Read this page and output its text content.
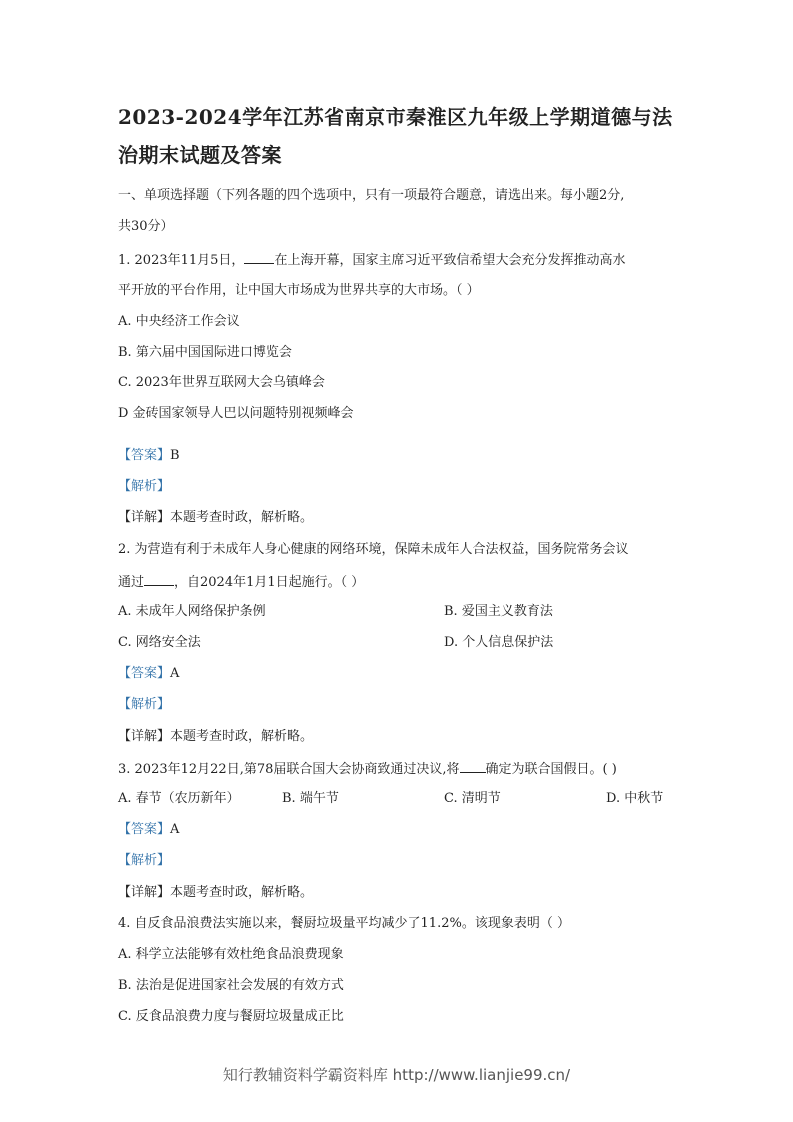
2023-2024学年江苏省南京市秦淮区九年级上学期道德与法治期末试题及答案
一、单项选择题（下列各题的四个选项中，只有一项最符合题意，请选出来。每小题2分,
共30分）
1. 2023年11月5日， 在上海开幕，国家主席习近平致信希望大会充分发挥推动高水
平开放的平台作用，让中国大市场成为世界共享的大市场。（ ）
A. 中央经济工作会议
B. 第六届中国国际进口博览会
C. 2023年世界互联网大会乌镇峰会
D 金砖国家领导人巴以问题特别视频峰会
【答案】B
【解析】
【详解】本题考查时政，解析略。
2. 为营造有利于未成年人身心健康的网络环境，保障未成年人合法权益，国务院常务会议
通过 ，自2024年1月1日起施行。（ ）
A. 未成年人网络保护条例	B. 爱国主义教育法
C. 网络安全法	D. 个人信息保护法
【答案】A
【解析】
【详解】本题考查时政，解析略。
3. 2023年12月22日,第78届联合国大会协商致通过决议,将 确定为联合国假日。( )
A. 春节（农历新年）	B. 端午节	C. 清明节	D. 中秋节
【答案】A
【解析】
【详解】本题考查时政，解析略。
4. 自反食品浪费法实施以来，餐厨垃圾量平均减少了11.2%。该现象表明（ ）
A. 科学立法能够有效杜绝食品浪费现象
B. 法治是促进国家社会发展的有效方式
C. 反食品浪费力度与餐厨垃圾量成正比
知行教辅资料学霸资料库 http://www.lianjie99.cn/
